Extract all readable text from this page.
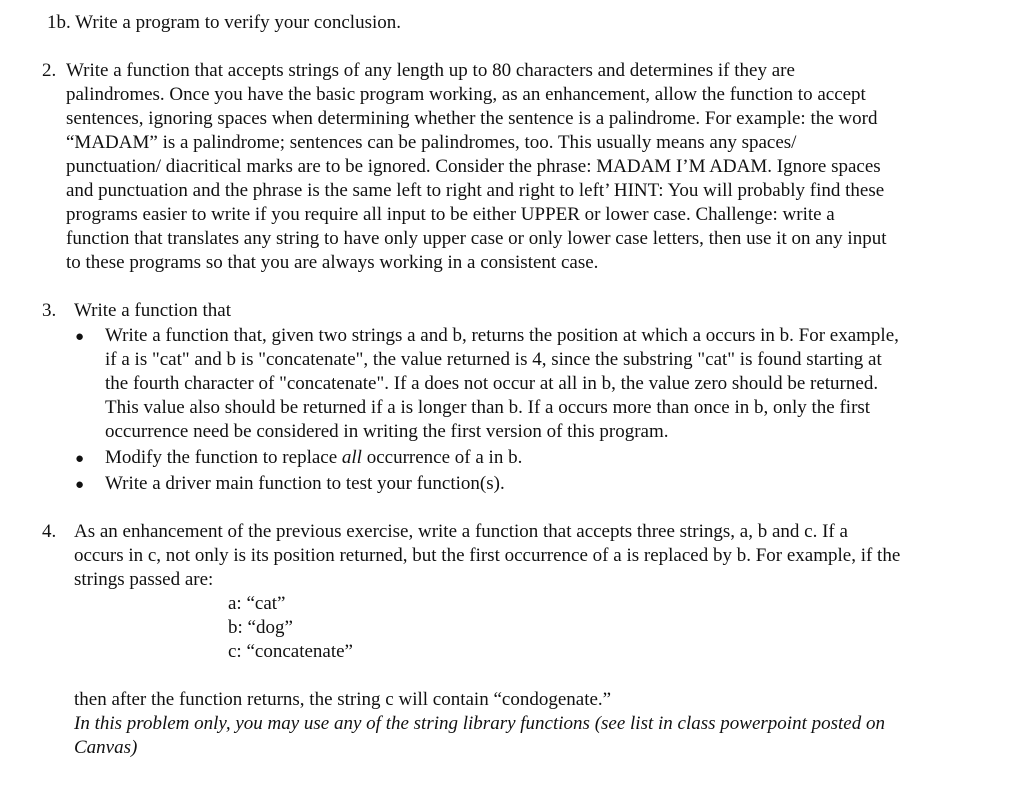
1b. Write a program to verify your conclusion.
2. Write a function that accepts strings of any length up to 80 characters and determines if they are
palindromes. Once you have the basic program working, as an enhancement, allow the function to accept
sentences, ignoring spaces when determining whether the sentence is a palindrome. For example: the word
“MADAM” is a palindrome; sentences can be palindromes, too. This usually means any spaces/
punctuation/ diacritical marks are to be ignored. Consider the phrase: MADAM I’M ADAM. Ignore spaces
and punctuation and the phrase is the same left to right and right to left’ HINT: You will probably find these
programs easier to write if you require all input to be either UPPER or lower case. Challenge: write a
function that translates any string to have only upper case or only lower case letters, then use it on any input
to these programs so that you are always working in a consistent case.
3. Write a function that
● Write a function that, given two strings a and b, returns the position at which a occurs in b. For example,
if a is "cat" and b is "concatenate", the value returned is 4, since the substring "cat" is found starting at
the fourth character of "concatenate". If a does not occur at all in b, the value zero should be returned.
This value also should be returned if a is longer than b. If a occurs more than once in b, only the first
occurrence need be considered in writing the first version of this program.
● Modify the function to replace all occurrence of a in b.
● Write a driver main function to test your function(s).
4. As an enhancement of the previous exercise, write a function that accepts three strings, a, b and c. If a
occurs in c, not only is its position returned, but the first occurrence of a is replaced by b. For example, if the
strings passed are:
a: “cat”
b: “dog”
c: “concatenate”
then after the function returns, the string c will contain “condogenate.”
In this problem only, you may use any of the string library functions (see list in class powerpoint posted on
Canvas)
